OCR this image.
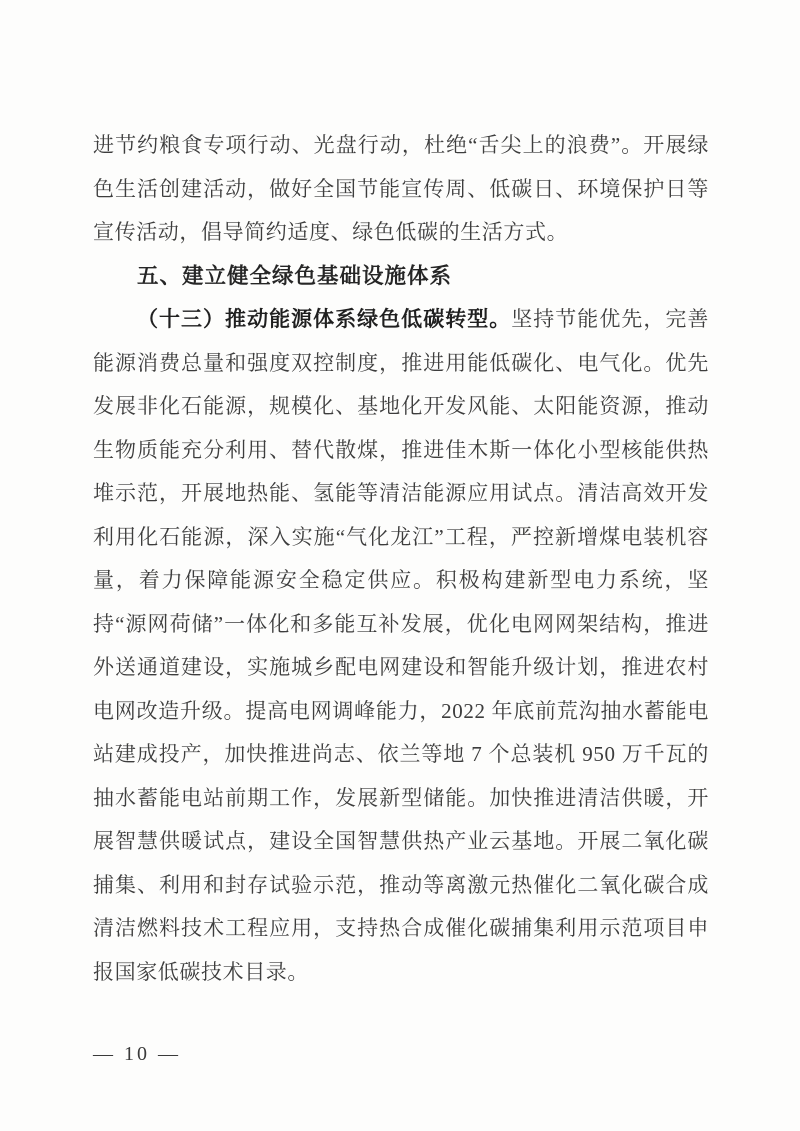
进节约粮食专项行动、光盘行动，杜绝“舌尖上的浪费”。开展绿色生活创建活动，做好全国节能宣传周、低碳日、环境保护日等宣传活动，倡导简约适度、绿色低碳的生活方式。

五、建立健全绿色基础设施体系

（十三）推动能源体系绿色低碳转型。坚持节能优先，完善能源消费总量和强度双控制度，推进用能低碳化、电气化。优先发展非化石能源，规模化、基地化开发风能、太阳能资源，推动生物质能充分利用、替代散煤，推进佳木斯一体化小型核能供热堆示范，开展地热能、氢能等清洁能源应用试点。清洁高效开发利用化石能源，深入实施“气化龙江”工程，严控新增煤电装机容量，着力保障能源安全稳定供应。积极构建新型电力系统，坚持“源网荷储”一体化和多能互补发展，优化电网网架结构，推进外送通道建设，实施城乡配电网建设和智能升级计划，推进农村电网改造升级。提高电网调峰能力，2022 年底前荒沟抽水蓄能电站建成投产，加快推进尚志、依兰等地 7 个总装机 950 万千瓦的抽水蓄能电站前期工作，发展新型储能。加快推进清洁供暖，开展智慧供暖试点，建设全国智慧供热产业云基地。开展二氧化碳捕集、利用和封存试验示范，推动等离激元热催化二氧化碳合成清洁燃料技术工程应用，支持热合成催化碳捕集利用示范项目申报国家低碳技术目录。

— 10 —
